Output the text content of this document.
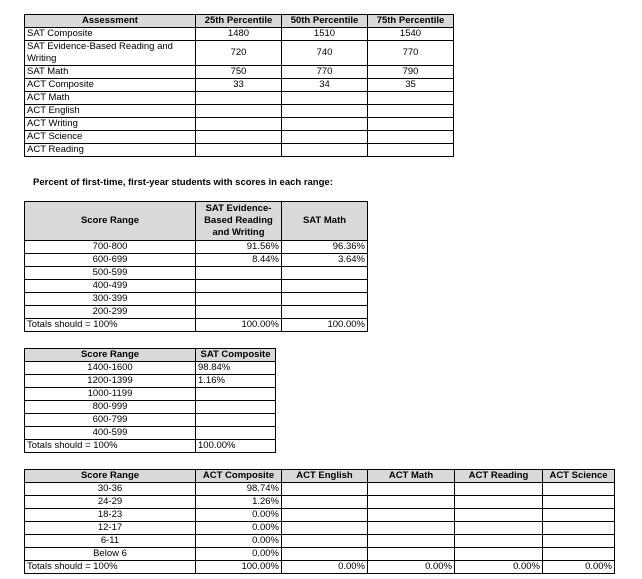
Assessment	25th Percentile	50th Percentile	75th Percentile
SAT Composite	1480	1510	1540
SAT Evidence-Based Reading and Writing	720	740	770
SAT Math	750	770	790
ACT Composite	33	34	35
ACT Math			
ACT English			
ACT Writing			
ACT Science			
ACT Reading			
Percent of first-time, first-year students with scores in each range:
Score Range	SAT Evidence-Based Reading and Writing	SAT Math
700-800	91.56%	96.36%
600-699	8.44%	3.64%
500-599		
400-499		
300-399		
200-299		
Totals should = 100%	100.00%	100.00%
Score Range	SAT Composite
1400-1600	98.84%
1200-1399	1.16%
1000-1199	
800-999	
600-799	
400-599	
Totals should = 100%	100.00%
Score Range	ACT Composite	ACT English	ACT Math	ACT Reading	ACT Science
30-36	98.74%				
24-29	1.26%				
18-23	0.00%				
12-17	0.00%				
6-11	0.00%				
Below 6	0.00%				
Totals should = 100%	100.00%	0.00%	0.00%	0.00%	0.00%
